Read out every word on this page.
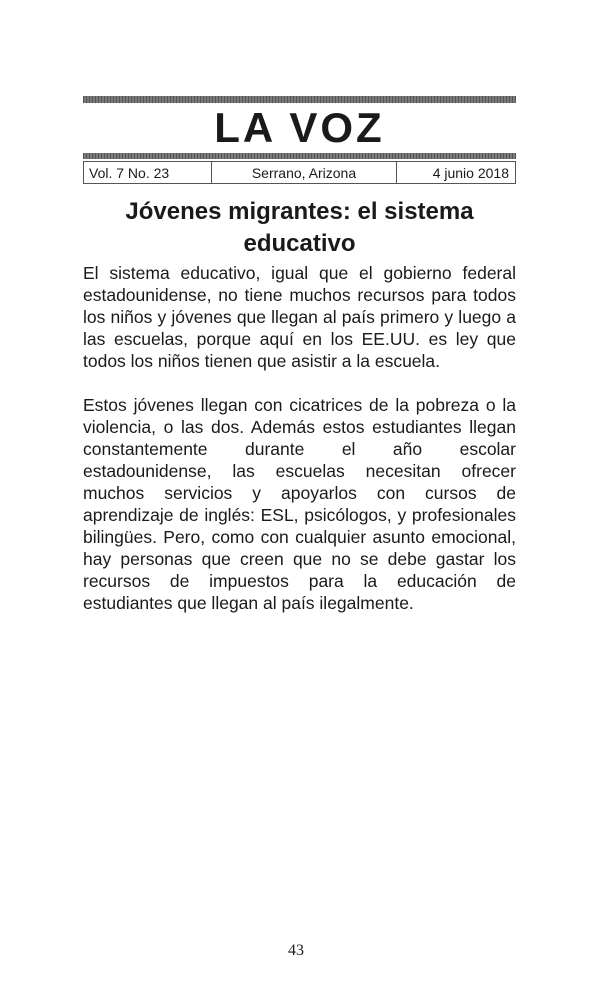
LA VOZ
Vol. 7 No. 23	Serrano, Arizona	4 junio 2018
Jóvenes migrantes: el sistema
educativo

El sistema educativo, igual que el gobierno federal estadounidense, no tiene muchos recursos para todos los niños y jóvenes que llegan al país primero y luego a las escuelas, porque aquí en los EE.UU. es ley que todos los niños tienen que asistir a la escuela.

Estos jóvenes llegan con cicatrices de la pobreza o la violencia, o las dos. Además estos estudiantes llegan constantemente durante el año escolar estadounidense, las escuelas necesitan ofrecer muchos servicios y apoyarlos con cursos de aprendizaje de inglés: ESL, psicólogos, y profesionales bilingües. Pero, como con cualquier asunto emocional, hay personas que creen que no se debe gastar los recursos de impuestos para la educación de estudiantes que llegan al país ilegalmente.

43
